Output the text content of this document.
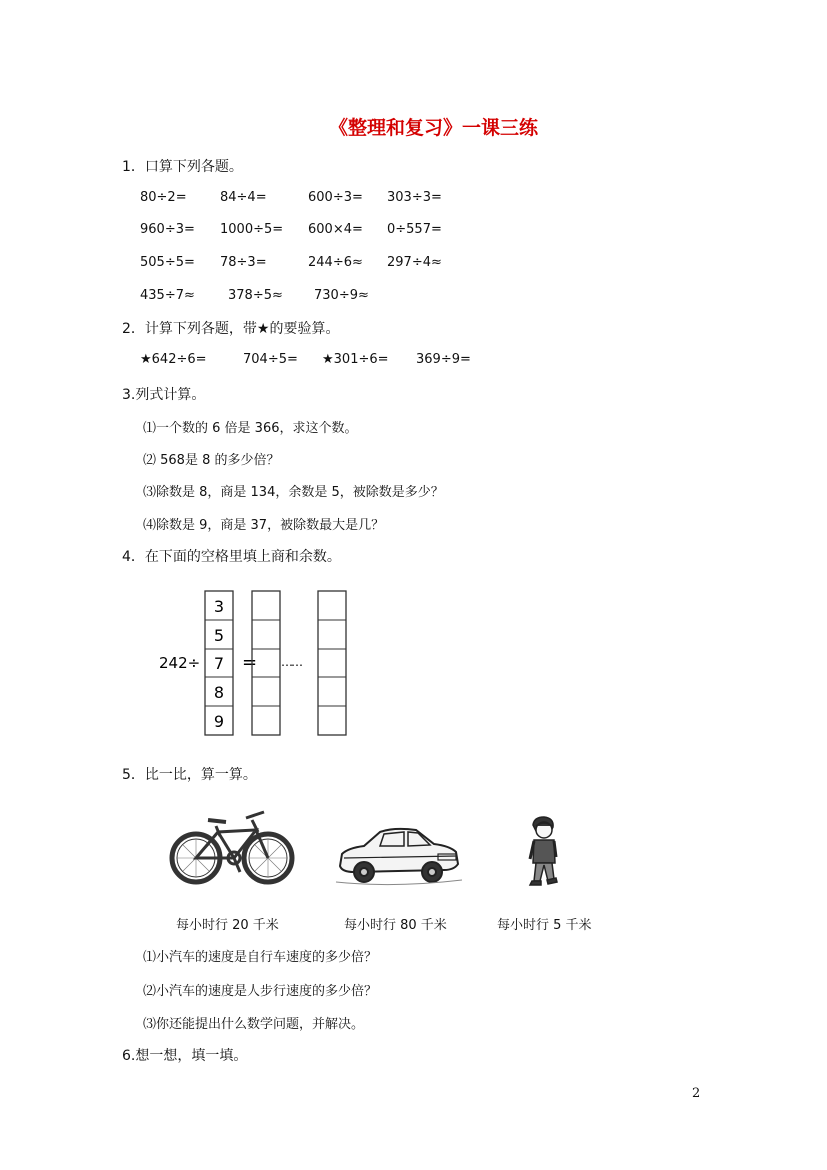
《整理和复习》一课三练
1．口算下列各题。
80÷2=	84÷4=	600÷3= 303÷3=
960÷3= 1000÷5= 600×4= 0÷557=
505÷5= 78÷3=	244÷6≈ 297÷4≈
435÷7≈	378÷5≈ 730÷9≈
2．计算下列各题，带★的要验算。
★642÷6=	704÷5= ★301÷6= 369÷9=
3.列式计算。
⑴一个数的 6 倍是 366，求这个数。
⑵ 568是 8 的多少倍？
⑶除数是 8，商是 134，余数是 5，被除数是多少？
⑷除数是 9，商是 37，被除数最大是几？
4．在下面的空格里填上商和余数。
242÷
3
5
7
8
9
= ……
5．比一比，算一算。
每小时行 20 千米	每小时行 80 千米	每小时行 5 千米
⑴小汽车的速度是自行车速度的多少倍？
⑵小汽车的速度是人步行速度的多少倍？
⑶你还能提出什么数学问题，并解决。
6.想一想，填一填。
2
